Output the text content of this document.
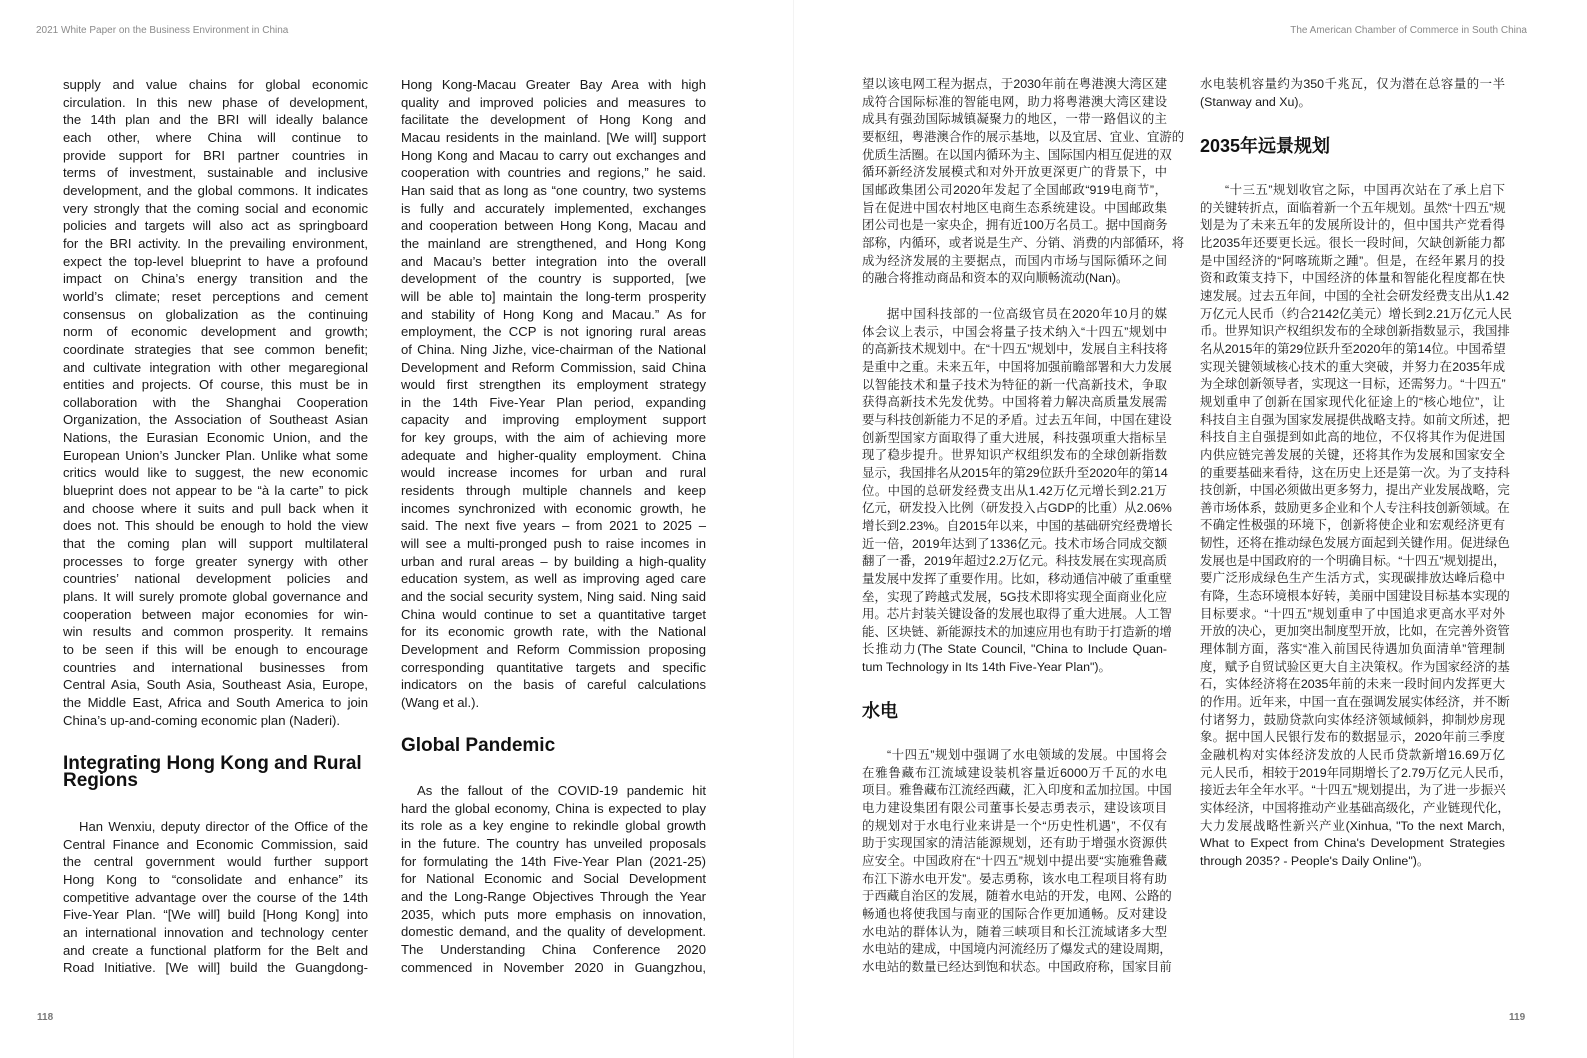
2021 White Paper on the Business Environment in China	The American Chamber of Commerce in South China
118	119
supply and value chains for global economic
circulation. In this new phase of development,
the 14th plan and the BRI will ideally balance
each other, where China will continue to
provide support for BRI partner countries in
terms of investment, sustainable and inclusive
development, and the global commons. It indicates
very strongly that the coming social and economic
policies and targets will also act as springboard
for the BRI activity. In the prevailing environment,
expect the top-level blueprint to have a profound
impact on China’s energy transition and the
world’s climate; reset perceptions and cement
consensus on globalization as the continuing
norm of economic development and growth;
coordinate strategies that see common benefit;
and cultivate integration with other megaregional
entities and projects. Of course, this must be in
collaboration with the Shanghai Cooperation
Organization, the Association of Southeast Asian
Nations, the Eurasian Economic Union, and the
European Union’s Juncker Plan. Unlike what some
critics would like to suggest, the new economic
blueprint does not appear to be “à la carte” to pick
and choose where it suits and pull back when it
does not. This should be enough to hold the view
that the coming plan will support multilateral
processes to forge greater synergy with other
countries’ national development policies and
plans. It will surely promote global governance and
cooperation between major economies for win-
win results and common prosperity. It remains
to be seen if this will be enough to encourage
countries and international businesses from
Central Asia, South Asia, Southeast Asia, Europe,
the Middle East, Africa and South America to join
China’s up-and-coming economic plan (Naderi).
Integrating Hong Kong and Rural Regions
Han Wenxiu, deputy director of the Office of the
Central Finance and Economic Commission, said
the central government would further support
Hong Kong to “consolidate and enhance” its
competitive advantage over the course of the 14th
Five-Year Plan. “[We will] build [Hong Kong] into
an international innovation and technology center
and create a functional platform for the Belt and
Road Initiative. [We will] build the Guangdong-
Hong Kong-Macau Greater Bay Area with high
quality and improved policies and measures to
facilitate the development of Hong Kong and
Macau residents in the mainland. [We will] support
Hong Kong and Macau to carry out exchanges and
cooperation with countries and regions,” he said.
Han said that as long as “one country, two systems
is fully and accurately implemented, exchanges
and cooperation between Hong Kong, Macau and
the mainland are strengthened, and Hong Kong
and Macau’s better integration into the overall
development of the country is supported, [we
will be able to] maintain the long-term prosperity
and stability of Hong Kong and Macau.” As for
employment, the CCP is not ignoring rural areas
of China. Ning Jizhe, vice-chairman of the National
Development and Reform Commission, said China
would first strengthen its employment strategy
in the 14th Five-Year Plan period, expanding
capacity and improving employment support
for key groups, with the aim of achieving more
adequate and higher-quality employment. China
would increase incomes for urban and rural
residents through multiple channels and keep
incomes synchronized with economic growth, he
said. The next five years – from 2021 to 2025 –
will see a multi-pronged push to raise incomes in
urban and rural areas – by building a high-quality
education system, as well as improving aged care
and the social security system, Ning said. Ning said
China would continue to set a quantitative target
for its economic growth rate, with the National
Development and Reform Commission proposing
corresponding quantitative targets and specific
indicators on the basis of careful calculations
(Wang et al.).
Global Pandemic
As the fallout of the COVID-19 pandemic hit
hard the global economy, China is expected to play
its role as a key engine to rekindle global growth
in the future. The country has unveiled proposals
for formulating the 14th Five-Year Plan (2021-25)
for National Economic and Social Development
and the Long-Range Objectives Through the Year
2035, which puts more emphasis on innovation,
domestic demand, and the quality of development.
The Understanding China Conference 2020
commenced in November 2020 in Guangzhou,
望以该电网工程为据点，于2030年前在粤港澳大湾区建
成符合国际标准的智能电网，助力将粤港澳大湾区建设
成具有强劲国际城镇凝聚力的地区，一带一路倡议的主
要枢纽，粤港澳合作的展示基地，以及宜居、宜业、宜游的
优质生活圈。在以国内循环为主、国际国内相互促进的双
循环新经济发展模式和对外开放更深更广的背景下，中
国邮政集团公司2020年发起了全国邮政“919电商节”，
旨在促进中国农村地区电商生态系统建设。中国邮政集
团公司也是一家央企，拥有近100万名员工。据中国商务
部称，内循环，或者说是生产、分销、消费的内部循环，将
成为经济发展的主要据点，而国内市场与国际循环之间
的融合将推动商品和资本的双向顺畅流动(Nan)。
据中国科技部的一位高级官员在2020年10月的媒
体会议上表示，中国会将量子技术纳入“十四五”规划中
的高新技术规划中。在“十四五”规划中，发展自主科技将
是重中之重。未来五年，中国将加强前瞻部署和大力发展
以智能技术和量子技术为特征的新一代高新技术，争取
获得高新技术先发优势。中国将着力解决高质量发展需
要与科技创新能力不足的矛盾。过去五年间，中国在建设
创新型国家方面取得了重大进展，科技强项重大指标呈
现了稳步提升。世界知识产权组织发布的全球创新指数
显示，我国排名从2015年的第29位跃升至2020年的第14
位。中国的总研发经费支出从1.42万亿元增长到2.21万
亿元，研发投入比例（研发投入占GDP的比重）从2.06%
增长到2.23%。自2015年以来，中国的基础研究经费增长
近一倍，2019年达到了1336亿元。技术市场合同成交额
翻了一番，2019年超过2.2万亿元。科技发展在实现高质
量发展中发挥了重要作用。比如，移动通信冲破了重重壁
垒，实现了跨越式发展，5G技术即将实现全面商业化应
用。芯片封装关键设备的发展也取得了重大进展。人工智
能、区块链、新能源技术的加速应用也有助于打造新的增
长推动力(The State Council, "China to Include Quan-
tum Technology in Its 14th Five-Year Plan")。
水电
“十四五”规划中强调了水电领域的发展。中国将会
在雅鲁藏布江流域建设装机容量近6000万千瓦的水电
项目。雅鲁藏布江流经西藏，汇入印度和孟加拉国。中国
电力建设集团有限公司董事长晏志勇表示，建设该项目
的规划对于水电行业来讲是一个“历史性机遇”，不仅有
助于实现国家的清洁能源规划，还有助于增强水资源供
应安全。中国政府在“十四五”规划中提出要“实施雅鲁藏
布江下游水电开发”。晏志勇称，该水电工程项目将有助
于西藏自治区的发展，随着水电站的开发，电网、公路的
畅通也将使我国与南亚的国际合作更加通畅。反对建设
水电站的群体认为，随着三峡项目和长江流域诸多大型
水电站的建成，中国境内河流经历了爆发式的建设周期，
水电站的数量已经达到饱和状态。中国政府称，国家目前
水电装机容量约为350千兆瓦，仅为潜在总容量的一半
(Stanway and Xu)。
2035年远景规划
“十三五”规划收官之际，中国再次站在了承上启下
的关键转折点，面临着新一个五年规划。虽然“十四五”规
划是为了未来五年的发展所设计的，但中国共产党看得
比2035年还要更长远。很长一段时间，欠缺创新能力都
是中国经济的“阿喀琉斯之踵”。但是，在经年累月的投
资和政策支持下，中国经济的体量和智能化程度都在快
速发展。过去五年间，中国的全社会研发经费支出从1.42
万亿元人民币（约合2142亿美元）增长到2.21万亿元人民
币。世界知识产权组织发布的全球创新指数显示，我国排
名从2015年的第29位跃升至2020年的第14位。中国希望
实现关键领域核心技术的重大突破，并努力在2035年成
为全球创新领导者，实现这一目标，还需努力。“十四五”
规划重申了创新在国家现代化征途上的“核心地位”，让
科技自主自强为国家发展提供战略支持。如前文所述，把
科技自主自强提到如此高的地位，不仅将其作为促进国
内供应链完善发展的关键，还将其作为发展和国家安全
的重要基础来看待，这在历史上还是第一次。为了支持科
技创新，中国必须做出更多努力，提出产业发展战略，完
善市场体系，鼓励更多企业和个人专注科技创新领域。在
不确定性极强的环境下，创新将使企业和宏观经济更有
韧性，还将在推动绿色发展方面起到关键作用。促进绿色
发展也是中国政府的一个明确目标。“十四五”规划提出，
要广泛形成绿色生产生活方式，实现碳排放达峰后稳中
有降，生态环境根本好转，美丽中国建设目标基本实现的
目标要求。“十四五”规划重申了中国追求更高水平对外
开放的决心，更加突出制度型开放，比如，在完善外资管
理体制方面，落实“准入前国民待遇加负面清单”管理制
度，赋予自贸试验区更大自主决策权。作为国家经济的基
石，实体经济将在2035年前的未来一段时间内发挥更大
的作用。近年来，中国一直在强调发展实体经济，并不断
付诸努力，鼓励贷款向实体经济领域倾斜，抑制炒房现
象。据中国人民银行发布的数据显示，2020年前三季度
金融机构对实体经济发放的人民币贷款新增16.69万亿
元人民币，相较于2019年同期增长了2.79万亿元人民币，
接近去年全年水平。“十四五”规划提出，为了进一步振兴
实体经济，中国将推动产业基础高级化，产业链现代化，
大力发展战略性新兴产业(Xinhua, "To the next March,
What to Expect from China's Development Strategies
through 2035? - People's Daily Online")。
